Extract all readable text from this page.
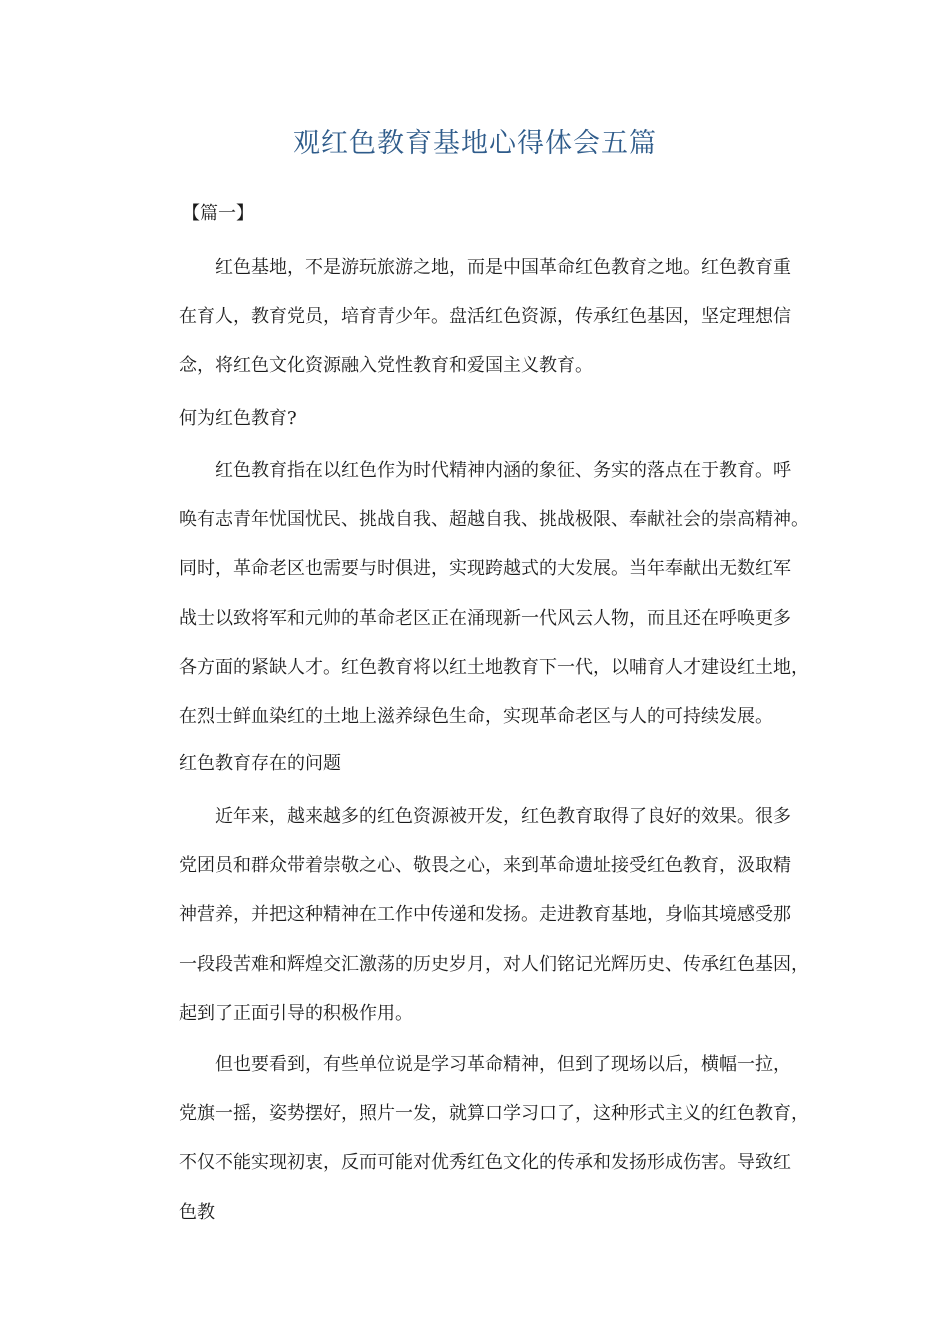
观红色教育基地心得体会五篇

【篇一】

红色基地，不是游玩旅游之地，而是中国革命红色教育之地。红色教育重
在育人，教育党员，培育青少年。盘活红色资源，传承红色基因，坚定理想信
念，将红色文化资源融入党性教育和爱国主义教育。

何为红色教育?

红色教育指在以红色作为时代精神内涵的象征、务实的落点在于教育。呼
唤有志青年忧国忧民、挑战自我、超越自我、挑战极限、奉献社会的崇高精神。
同时，革命老区也需要与时俱进，实现跨越式的大发展。当年奉献出无数红军
战士以致将军和元帅的革命老区正在涌现新一代风云人物，而且还在呼唤更多
各方面的紧缺人才。红色教育将以红土地教育下一代，以哺育人才建设红土地，
在烈士鲜血染红的土地上滋养绿色生命，实现革命老区与人的可持续发展。

红色教育存在的问题

近年来，越来越多的红色资源被开发，红色教育取得了良好的效果。很多
党团员和群众带着崇敬之心、敬畏之心，来到革命遗址接受红色教育，汲取精
神营养，并把这种精神在工作中传递和发扬。走进教育基地，身临其境感受那
一段段苦难和辉煌交汇激荡的历史岁月，对人们铭记光辉历史、传承红色基因，
起到了正面引导的积极作用。

但也要看到，有些单位说是学习革命精神，但到了现场以后，横幅一拉，
党旗一摇，姿势摆好，照片一发，就算口学习口了，这种形式主义的红色教育，
不仅不能实现初衷，反而可能对优秀红色文化的传承和发扬形成伤害。导致红
色教
